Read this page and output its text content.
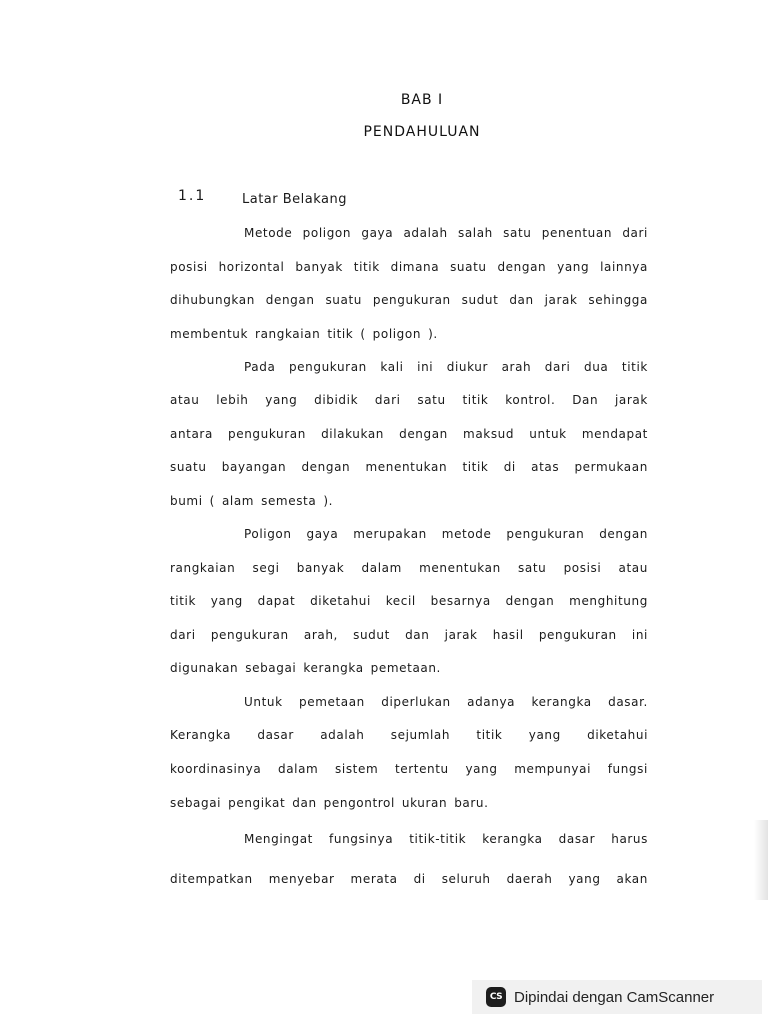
BAB I
PENDAHULUAN
1.1	Latar Belakang
Metode poligon gaya adalah salah satu penentuan dari
posisi horizontal banyak titik dimana suatu dengan yang lainnya
dihubungkan dengan suatu pengukuran sudut dan jarak sehingga
membentuk rangkaian titik ( poligon ).
Pada pengukuran kali ini diukur arah dari dua titik
atau lebih yang dibidik dari satu titik kontrol. Dan jarak
antara pengukuran dilakukan dengan maksud untuk mendapat
suatu bayangan dengan menentukan titik di atas permukaan
bumi ( alam semesta ).
Poligon gaya merupakan metode pengukuran dengan
rangkaian segi banyak dalam menentukan satu posisi atau
titik yang dapat diketahui kecil besarnya dengan menghitung
dari pengukuran arah, sudut dan jarak hasil pengukuran ini
digunakan sebagai kerangka pemetaan.
Untuk pemetaan diperlukan adanya kerangka dasar.
Kerangka dasar adalah sejumlah titik yang diketahui
koordinasinya dalam sistem tertentu yang mempunyai fungsi
sebagai pengikat dan pengontrol ukuran baru.
Mengingat fungsinya titik-titik kerangka dasar harus
ditempatkan menyebar merata di seluruh daerah yang akan
CS Dipindai dengan CamScanner
